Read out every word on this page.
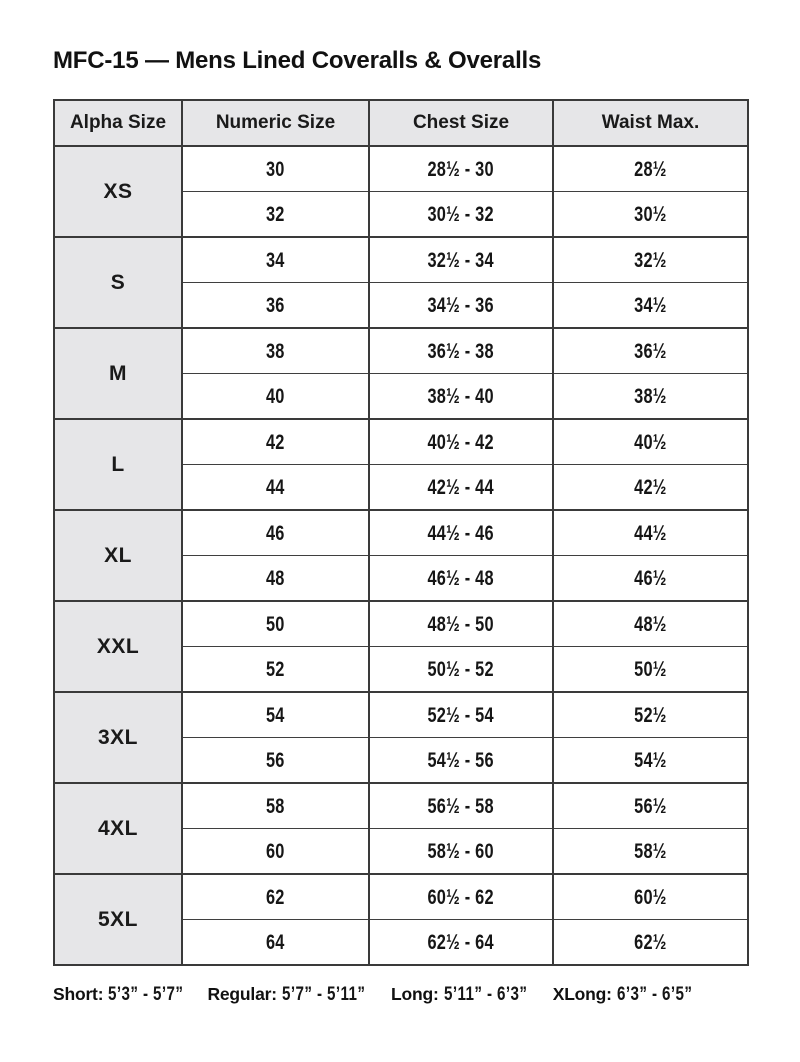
MFC-15 — Mens Lined Coveralls & Overalls
Alpha Size	Numeric Size	Chest Size	Waist Max.
XS	30	28½ - 30	28½
	32	30½ - 32	30½
S	34	32½ - 34	32½
	36	34½ - 36	34½
M	38	36½ - 38	36½
	40	38½ - 40	38½
L	42	40½ - 42	40½
	44	42½ - 44	42½
XL	46	44½ - 46	44½
	48	46½ - 48	46½
XXL	50	48½ - 50	48½
	52	50½ - 52	50½
3XL	54	52½ - 54	52½
	56	54½ - 56	54½
4XL	58	56½ - 58	56½
	60	58½ - 60	58½
5XL	62	60½ - 62	60½
	64	62½ - 64	62½
Short: 5’3” - 5’7” Regular: 5’7” - 5’11” Long: 5’11” - 6’3” XLong: 6’3” - 6’5”
